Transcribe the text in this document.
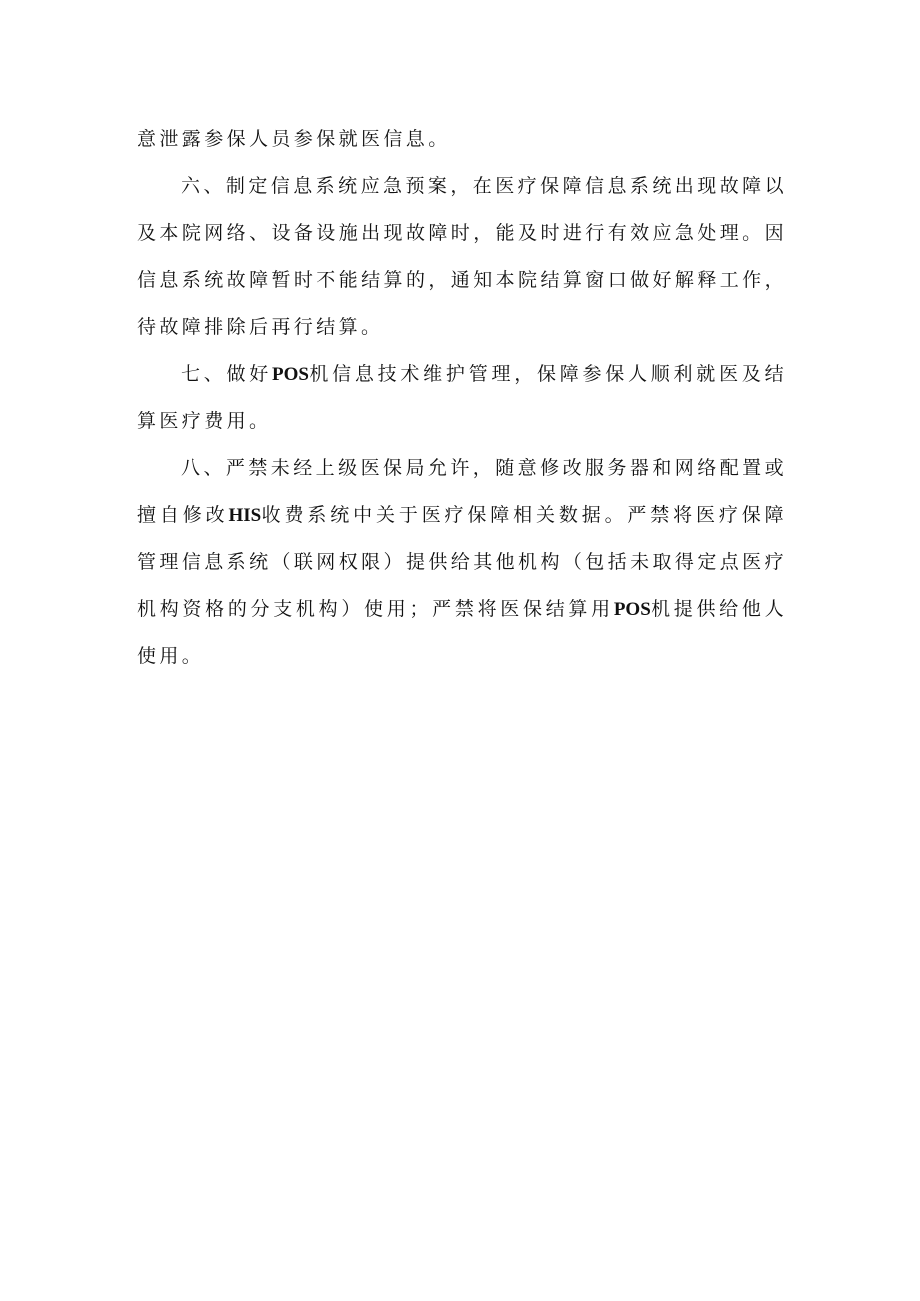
意泄露参保人员参保就医信息。

六、制定信息系统应急预案，在医疗保障信息系统出现故障以及本院网络、设备设施出现故障时，能及时进行有效应急处理。因信息系统故障暂时不能结算的，通知本院结算窗口做好解释工作，待故障排除后再行结算。

七、做好POS机信息技术维护管理，保障参保人顺利就医及结算医疗费用。

八、严禁未经上级医保局允许，随意修改服务器和网络配置或擅自修改HIS收费系统中关于医疗保障相关数据。严禁将医疗保障管理信息系统（联网权限）提供给其他机构（包括未取得定点医疗机构资格的分支机构）使用；严禁将医保结算用POS机提供给他人使用。
